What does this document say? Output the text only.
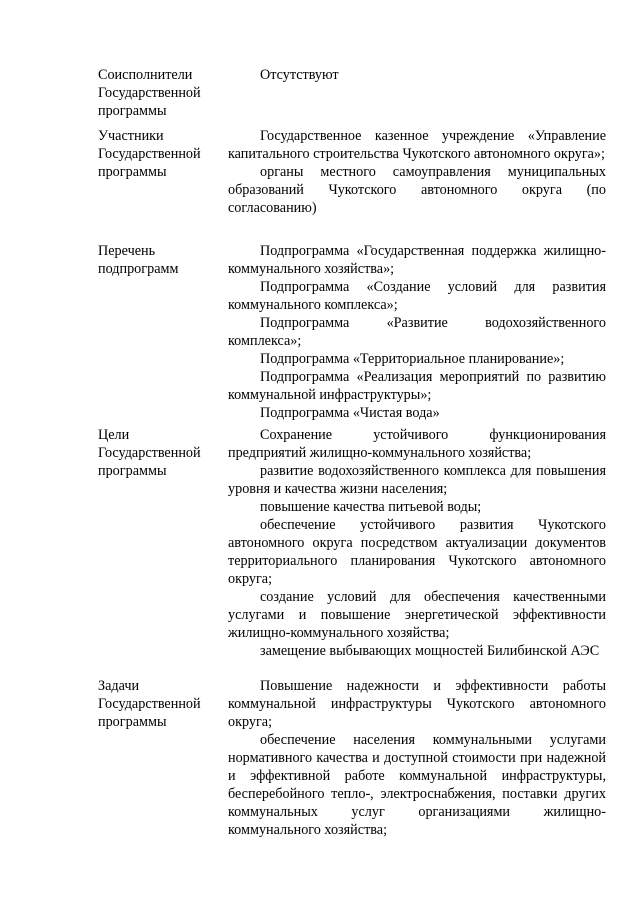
Соисполнители Государственной программы

Отсутствуют

Участники Государственной программы

Государственное казенное учреждение «Управление капитального строительства Чукотского автономного округа»;

органы местного самоуправления муниципальных образований Чукотского автономного округа (по согласованию)

Перечень подпрограмм

Подпрограмма «Государственная поддержка жилищно-коммунального хозяйства»;

Подпрограмма «Создание условий для развития коммунального комплекса»;

Подпрограмма «Развитие водохозяйственного комплекса»;

Подпрограмма «Территориальное планирование»;

Подпрограмма «Реализация мероприятий по развитию коммунальной инфраструктуры»;

Подпрограмма «Чистая вода»

Цели Государственной программы

Сохранение устойчивого функционирования предприятий жилищно-коммунального хозяйства;

развитие водохозяйственного комплекса для повышения уровня и качества жизни населения;

повышение качества питьевой воды;

обеспечение устойчивого развития Чукотского автономного округа посредством актуализации документов территориального планирования Чукотского автономного округа;

создание условий для обеспечения качественными услугами и повышение энергетической эффективности жилищно-коммунального хозяйства;

замещение выбывающих мощностей Билибинской АЭС

Задачи Государственной программы

Повышение надежности и эффективности работы коммунальной инфраструктуры Чукотского автономного округа;

обеспечение населения коммунальными услугами нормативного качества и доступной стоимости при надежной и эффективной работе коммунальной инфраструктуры, бесперебойного тепло-, электроснабжения, поставки других коммунальных услуг организациями жилищно-коммунального хозяйства;
